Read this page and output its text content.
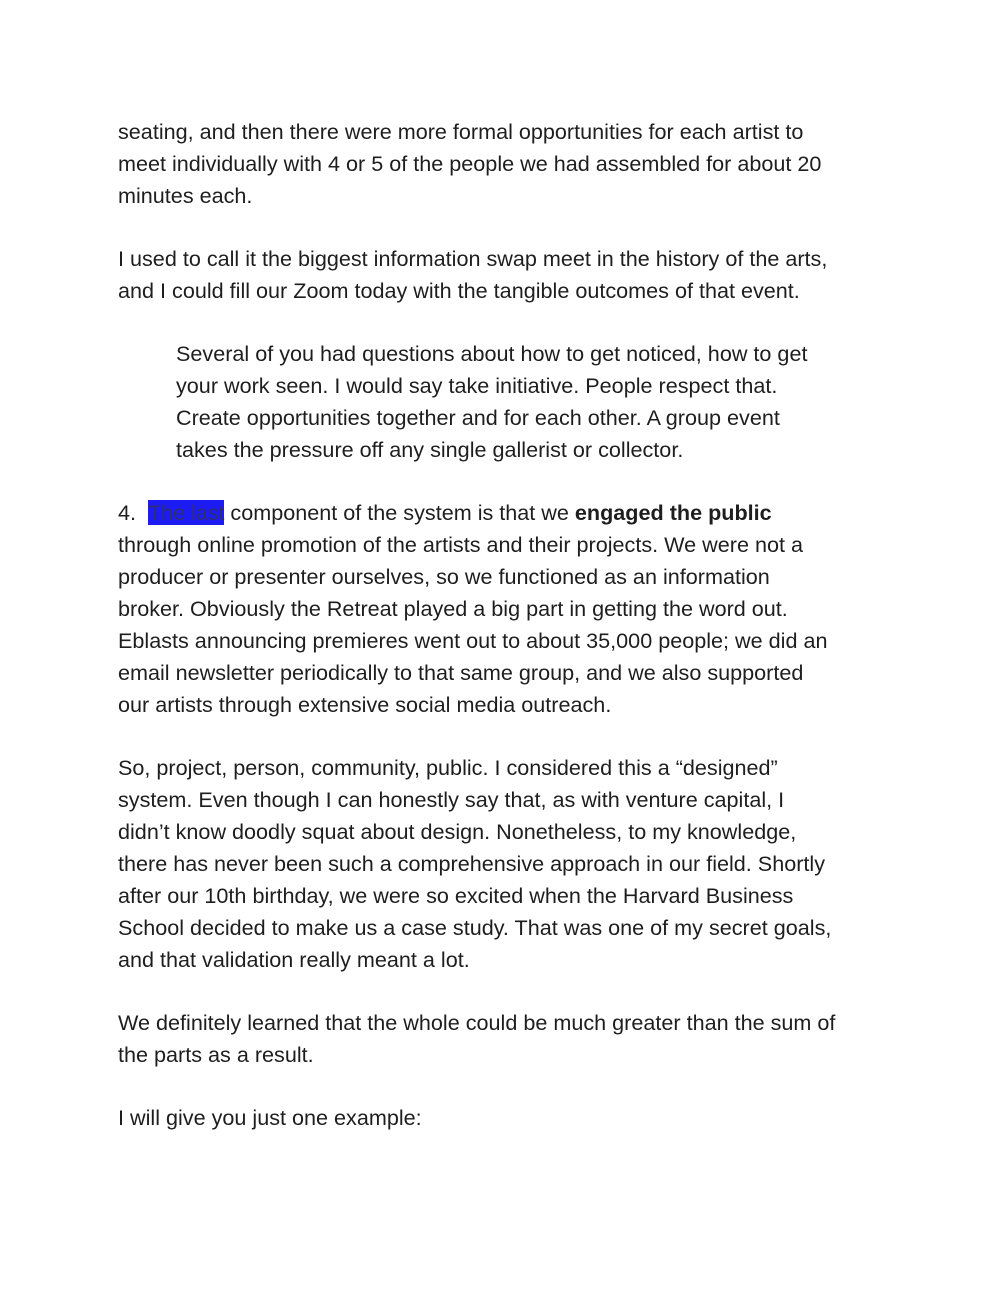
seating, and then there were more formal opportunities for each artist to
meet individually with 4 or 5 of the people we had assembled for about 20
minutes each.

I used to call it the biggest information swap meet in the history of the arts,
and I could fill our Zoom today with the tangible outcomes of that event.

Several of you had questions about how to get noticed, how to get
your work seen. I would say take initiative. People respect that.
Create opportunities together and for each other. A group event
takes the pressure off any single gallerist or collector.

4.  The last component of the system is that we engaged the public
through online promotion of the artists and their projects. We were not a
producer or presenter ourselves, so we functioned as an information
broker. Obviously the Retreat played a big part in getting the word out.
Eblasts announcing premieres went out to about 35,000 people; we did an
email newsletter periodically to that same group, and we also supported
our artists through extensive social media outreach.

So, project, person, community, public. I considered this a “designed”
system. Even though I can honestly say that, as with venture capital, I
didn’t know doodly squat about design. Nonetheless, to my knowledge,
there has never been such a comprehensive approach in our field. Shortly
after our 10th birthday, we were so excited when the Harvard Business
School decided to make us a case study. That was one of my secret goals,
and that validation really meant a lot.

We definitely learned that the whole could be much greater than the sum of
the parts as a result.

I will give you just one example:
